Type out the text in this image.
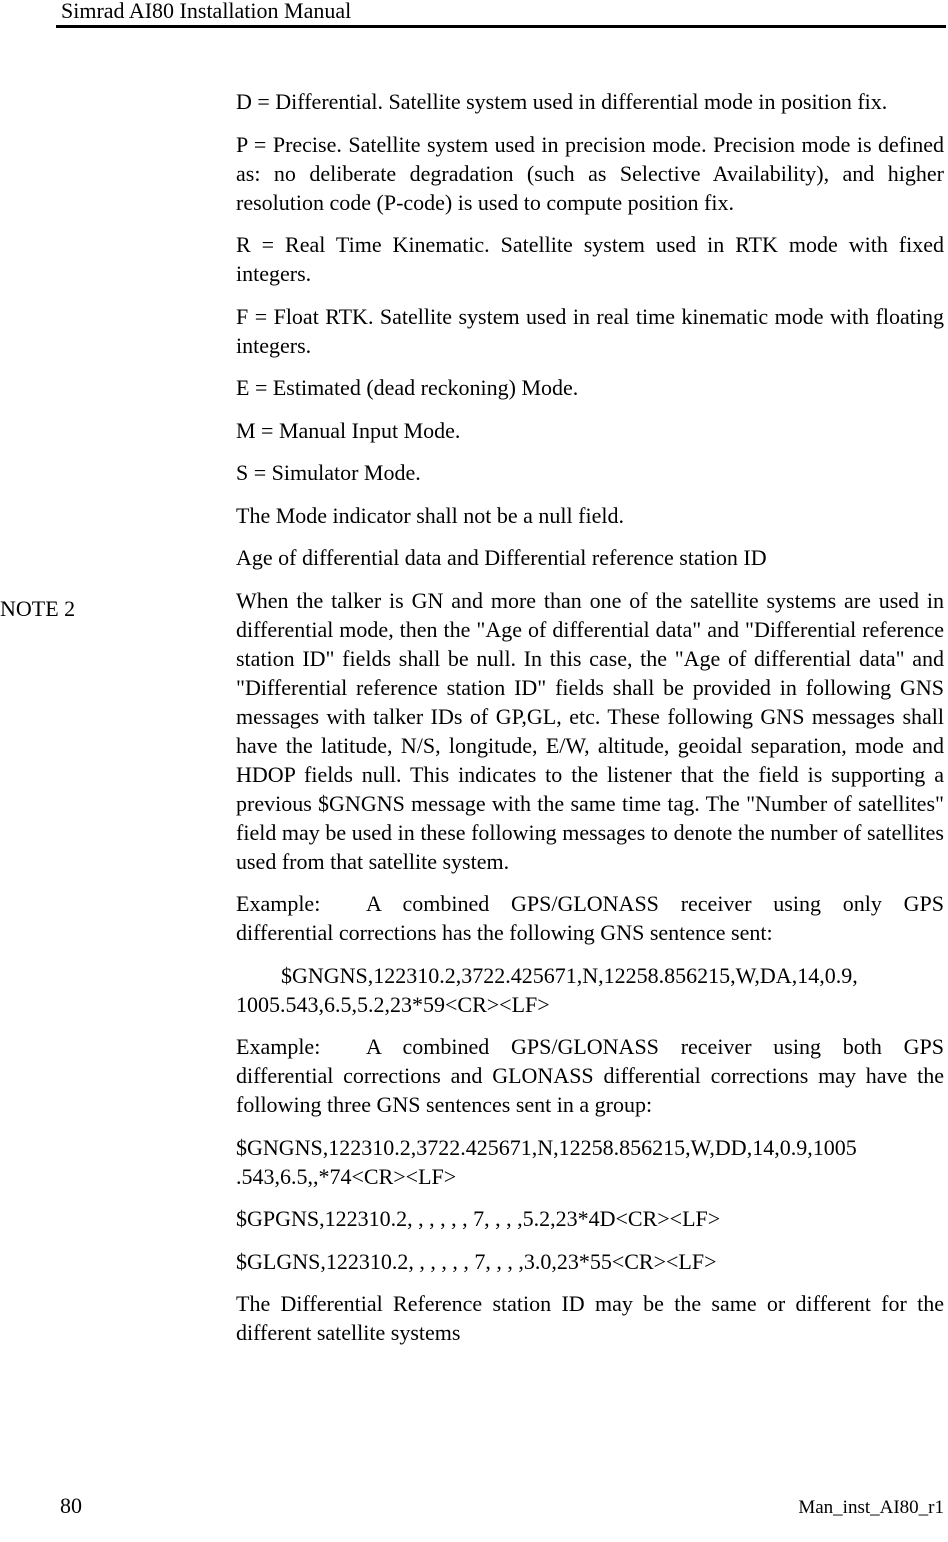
Simrad AI80 Installation Manual
NOTE 2

D = Differential. Satellite system used in differential mode in position fix.

P = Precise. Satellite system used in precision mode. Precision mode is defined as: no deliberate degradation (such as Selective Availability), and higher resolution code (P-code) is used to compute position fix.

R = Real Time Kinematic. Satellite system used in RTK mode with fixed integers.

F = Float RTK. Satellite system used in real time kinematic mode with floating integers.

E = Estimated (dead reckoning) Mode.

M = Manual Input Mode.

S = Simulator Mode.

The Mode indicator shall not be a null field.

Age of differential data and Differential reference station ID

When the talker is GN and more than one of the satellite systems are used in differential mode, then the "Age of differential data" and "Differential reference station ID" fields shall be null. In this case, the "Age of differential data" and "Differential reference station ID" fields shall be provided in following GNS messages with talker IDs of GP,GL, etc. These following GNS messages shall have the latitude, N/S, longitude, E/W, altitude, geoidal separation, mode and HDOP fields null. This indicates to the listener that the field is supporting a previous $GNGNS message with the same time tag. The "Number of satellites" field may be used in these following messages to denote the number of satellites used from that satellite system.

Example: A combined GPS/GLONASS receiver using only GPS differential corrections has the following GNS sentence sent:

$GNGNS,122310.2,3722.425671,N,12258.856215,W,DA,14,0.9,
1005.543,6.5,5.2,23*59<CR><LF>

Example: A combined GPS/GLONASS receiver using both GPS differential corrections and GLONASS differential corrections may have the following three GNS sentences sent in a group:

$GNGNS,122310.2,3722.425671,N,12258.856215,W,DD,14,0.9,1005
.543,6.5,,*74<CR><LF>

$GPGNS,122310.2, , , , , , 7, , , ,5.2,23*4D<CR><LF>

$GLGNS,122310.2, , , , , , 7, , , ,3.0,23*55<CR><LF>

The Differential Reference station ID may be the same or different for the different satellite systems

80	Man_inst_AI80_r1
